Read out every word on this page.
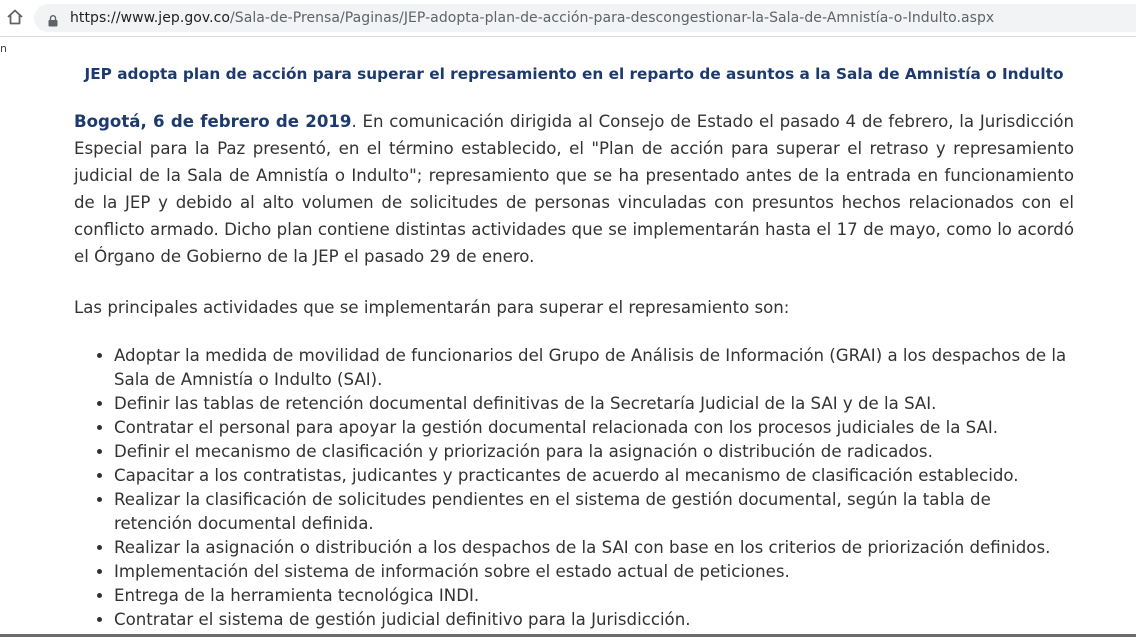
https://www.jep.gov.co/Sala-de-Prensa/Paginas/JEP-adopta-plan-de-acción-para-descongestionar-la-Sala-de-Amnistía-o-Indulto.aspx
n
JEP adopta plan de acción para superar el represamiento en el reparto de asuntos a la Sala de Amnistía o Indulto

Bogotá, 6 de febrero de 2019. En comunicación dirigida al Consejo de Estado el pasado 4 de febrero, la Jurisdicción Especial para la Paz presentó, en el término establecido, el "Plan de acción para superar el retraso y represamiento judicial de la Sala de Amnistía o Indulto"; represamiento que se ha presentado antes de la entrada en funcionamiento de la JEP y debido al alto volumen de solicitudes de personas vinculadas con presuntos hechos relacionados con el conflicto armado. Dicho plan contiene distintas actividades que se implementarán hasta el 17 de mayo, como lo acordó el Órgano de Gobierno de la JEP el pasado 29 de enero.

Las principales actividades que se implementarán para superar el represamiento son:

• Adoptar la medida de movilidad de funcionarios del Grupo de Análisis de Información (GRAI) a los despachos de la Sala de Amnistía o Indulto (SAI).
• Definir las tablas de retención documental definitivas de la Secretaría Judicial de la SAI y de la SAI.
• Contratar el personal para apoyar la gestión documental relacionada con los procesos judiciales de la SAI.
• Definir el mecanismo de clasificación y priorización para la asignación o distribución de radicados.
• Capacitar a los contratistas, judicantes y practicantes de acuerdo al mecanismo de clasificación establecido.
• Realizar la clasificación de solicitudes pendientes en el sistema de gestión documental, según la tabla de retención documental definida.
• Realizar la asignación o distribución a los despachos de la SAI con base en los criterios de priorización definidos.
• Implementación del sistema de información sobre el estado actual de peticiones.
• Entrega de la herramienta tecnológica INDI.
• Contratar el sistema de gestión judicial definitivo para la Jurisdicción.
